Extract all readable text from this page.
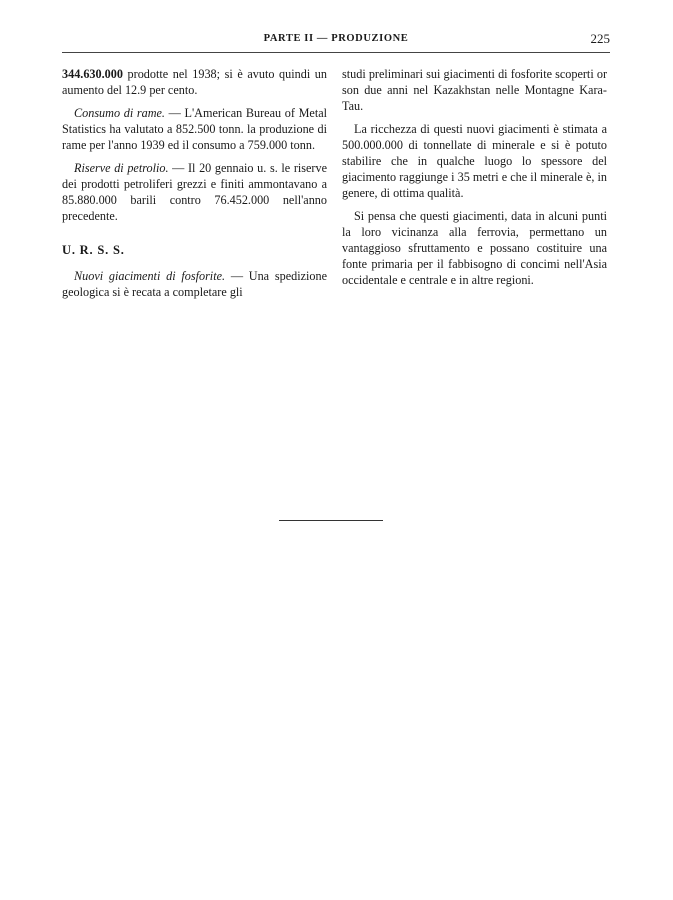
PARTE II — PRODUZIONE	225

344.630.000 prodotte nel 1938; si è avuto quindi un aumento del 12.9 per cento.

Consumo di rame. — L'American Bureau of Metal Statistics ha valutato a 852.500 tonn. la produzione di rame per l'anno 1939 ed il consumo a 759.000 tonn.

Riserve di petrolio. — Il 20 gennaio u. s. le riserve dei prodotti petroliferi grezzi e finiti ammontavano a 85.880.000 barili contro 76.452.000 nell'anno precedente.

U. R. S. S.

Nuovi giacimenti di fosforite. — Una spedizione geologica si è recata a completare gli

studi preliminari sui giacimenti di fosforite scoperti or son due anni nel Kazakhstan nelle Montagne Kara-Tau.

La ricchezza di questi nuovi giacimenti è stimata a 500.000.000 di tonnellate di minerale e si è potuto stabilire che in qualche luogo lo spessore del giacimento raggiunge i 35 metri e che il minerale è, in genere, di ottima qualità.

Si pensa che questi giacimenti, data in alcuni punti la loro vicinanza alla ferrovia, permettano un vantaggioso sfruttamento e possano costituire una fonte primaria per il fabbisogno di concimi nell'Asia occidentale e centrale e in altre regioni.
